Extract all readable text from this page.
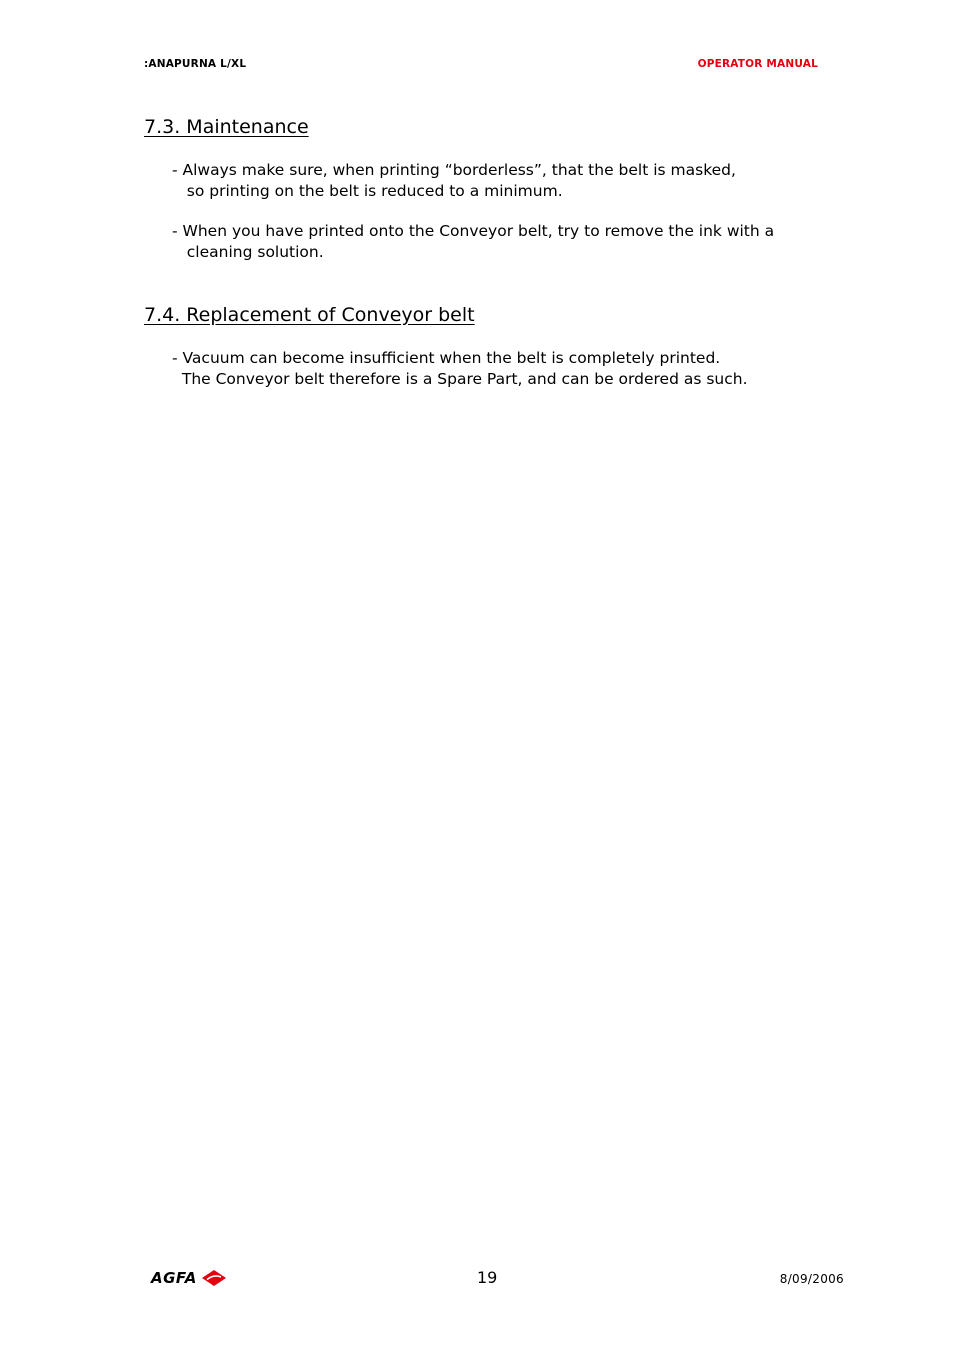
:ANAPURNA L/XL	OPERATOR MANUAL
7.3. Maintenance
- Always make sure, when printing “borderless”, that the belt is masked,
so printing on the belt is reduced to a minimum.
- When you have printed onto the Conveyor belt, try to remove the ink with a
cleaning solution.
7.4. Replacement of Conveyor belt
- Vacuum can become insufficient when the belt is completely printed.
The Conveyor belt therefore is a Spare Part, and can be ordered as such.
AGFA	19	8/09/2006
